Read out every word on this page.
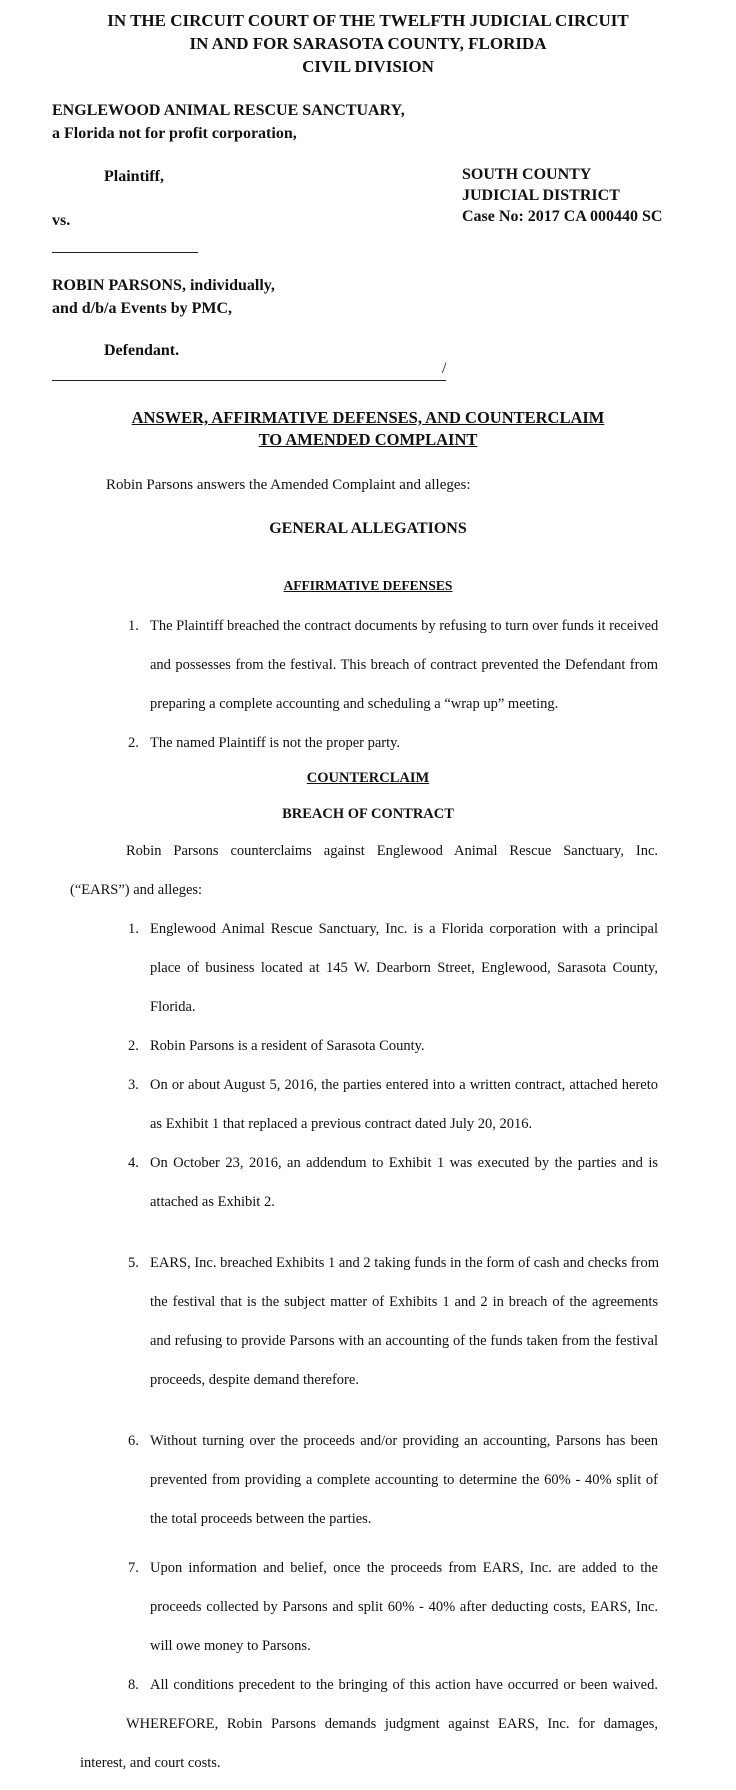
IN THE CIRCUIT COURT OF THE TWELFTH JUDICIAL CIRCUIT
IN AND FOR SARASOTA COUNTY, FLORIDA
CIVIL DIVISION
ENGLEWOOD ANIMAL RESCUE SANCTUARY,
a Florida not for profit corporation,
Plaintiff,
vs.
ROBIN PARSONS, individually,
and d/b/a Events by PMC,
Defendant.
/
SOUTH COUNTY
JUDICIAL DISTRICT
Case No: 2017 CA 000440 SC
ANSWER, AFFIRMATIVE DEFENSES, AND COUNTERCLAIM
TO AMENDED COMPLAINT
Robin Parsons answers the Amended Complaint and alleges:
GENERAL ALLEGATIONS
AFFIRMATIVE DEFENSES
1. The Plaintiff breached the contract documents by refusing to turn over funds it received
and possesses from the festival. This breach of contract prevented the Defendant from
preparing a complete accounting and scheduling a “wrap up” meeting.
2. The named Plaintiff is not the proper party.
COUNTERCLAIM
BREACH OF CONTRACT
Robin Parsons counterclaims against Englewood Animal Rescue Sanctuary, Inc.
(“EARS”) and alleges:
1. Englewood Animal Rescue Sanctuary, Inc. is a Florida corporation with a principal
place of business located at 145 W. Dearborn Street, Englewood, Sarasota County,
Florida.
2. Robin Parsons is a resident of Sarasota County.
3. On or about August 5, 2016, the parties entered into a written contract, attached hereto
as Exhibit 1 that replaced a previous contract dated July 20, 2016.
4. On October 23, 2016, an addendum to Exhibit 1 was executed by the parties and is
attached as Exhibit 2.
5. EARS, Inc. breached Exhibits 1 and 2 taking funds in the form of cash and checks from
the festival that is the subject matter of Exhibits 1 and 2 in breach of the agreements
and refusing to provide Parsons with an accounting of the funds taken from the festival
proceeds, despite demand therefore.
6. Without turning over the proceeds and/or providing an accounting, Parsons has been
prevented from providing a complete accounting to determine the 60% - 40% split of
the total proceeds between the parties.
7. Upon information and belief, once the proceeds from EARS, Inc. are added to the
proceeds collected by Parsons and split 60% - 40% after deducting costs, EARS, Inc.
will owe money to Parsons.
8. All conditions precedent to the bringing of this action have occurred or been waived.
WHEREFORE, Robin Parsons demands judgment against EARS, Inc. for damages,
interest, and court costs.
